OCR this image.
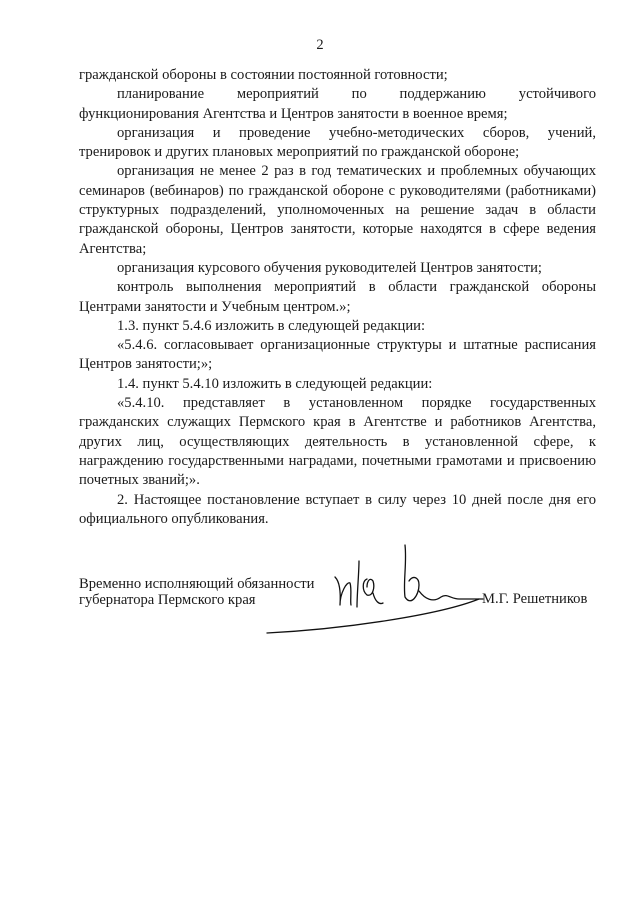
2

гражданской обороны в состоянии постоянной готовности;

планирование мероприятий по поддержанию устойчивого функционирования Агентства и Центров занятости в военное время;

организация и проведение учебно-методических сборов, учений, тренировок и других плановых мероприятий по гражданской обороне;

организация не менее 2 раз в год тематических и проблемных обучающих семинаров (вебинаров) по гражданской обороне с руководителями (работниками) структурных подразделений, уполномоченных на решение задач в области гражданской обороны, Центров занятости, которые находятся в сфере ведения Агентства;

организация курсового обучения руководителей Центров занятости;

контроль выполнения мероприятий в области гражданской обороны Центрами занятости и Учебным центром.»;

1.3. пункт 5.4.6 изложить в следующей редакции:

«5.4.6. согласовывает организационные структуры и штатные расписания Центров занятости;»;

1.4. пункт 5.4.10 изложить в следующей редакции:

«5.4.10. представляет в установленном порядке государственных гражданских служащих Пермского края в Агентстве и работников Агентства, других лиц, осуществляющих деятельность в установленной сфере, к награждению государственными наградами, почетными грамотами и присвоению почетных званий;».

2. Настоящее постановление вступает в силу через 10 дней после дня его официального опубликования.

Временно исполняющий обязанности
губернатора Пермского края	М.Г. Решетников
